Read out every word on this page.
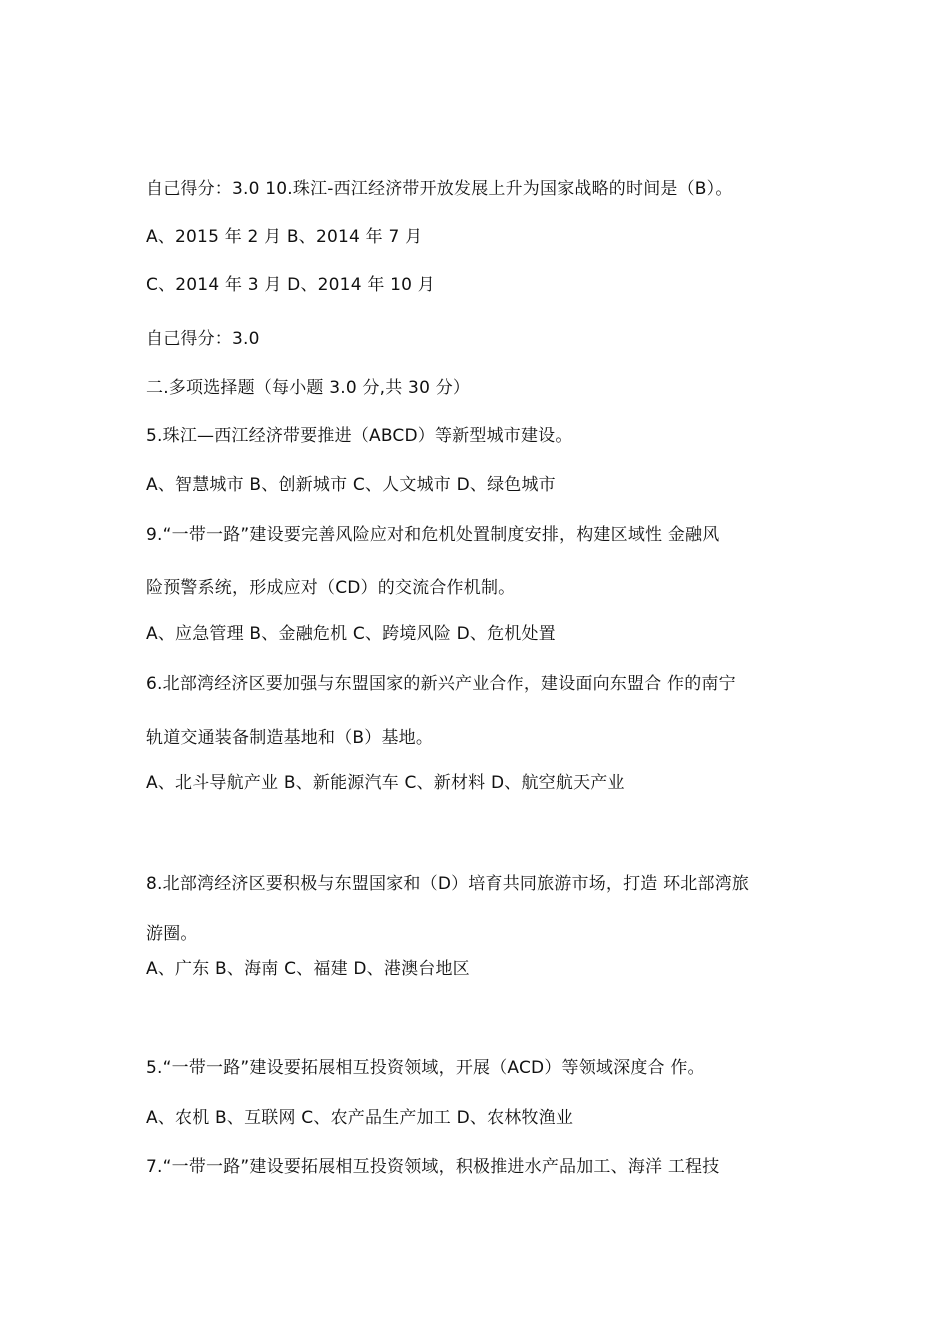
自己得分：3.0 10.珠江-西江经济带开放发展上升为国家战略的时间是（B）。
A、2015 年 2 月 B、2014 年 7 月
C、2014 年 3 月 D、2014 年 10 月
自己得分：3.0
二.多项选择题（每小题 3.0 分,共 30 分）
5.珠江—西江经济带要推进（ABCD）等新型城市建设。
A、智慧城市 B、创新城市 C、人文城市 D、绿色城市
9.“一带一路”建设要完善风险应对和危机处置制度安排，构建区域性 金融风
险预警系统，形成应对（CD）的交流合作机制。
A、应急管理 B、金融危机 C、跨境风险 D、危机处置
6.北部湾经济区要加强与东盟国家的新兴产业合作，建设面向东盟合 作的南宁
轨道交通装备制造基地和（B）基地。
A、北斗导航产业 B、新能源汽车 C、新材料 D、航空航天产业
8.北部湾经济区要积极与东盟国家和（D）培育共同旅游市场，打造 环北部湾旅
游圈。
A、广东 B、海南 C、福建 D、港澳台地区
5.“一带一路”建设要拓展相互投资领域，开展（ACD）等领域深度合 作。
A、农机 B、互联网 C、农产品生产加工 D、农林牧渔业
7.“一带一路”建设要拓展相互投资领域，积极推进水产品加工、海洋 工程技
